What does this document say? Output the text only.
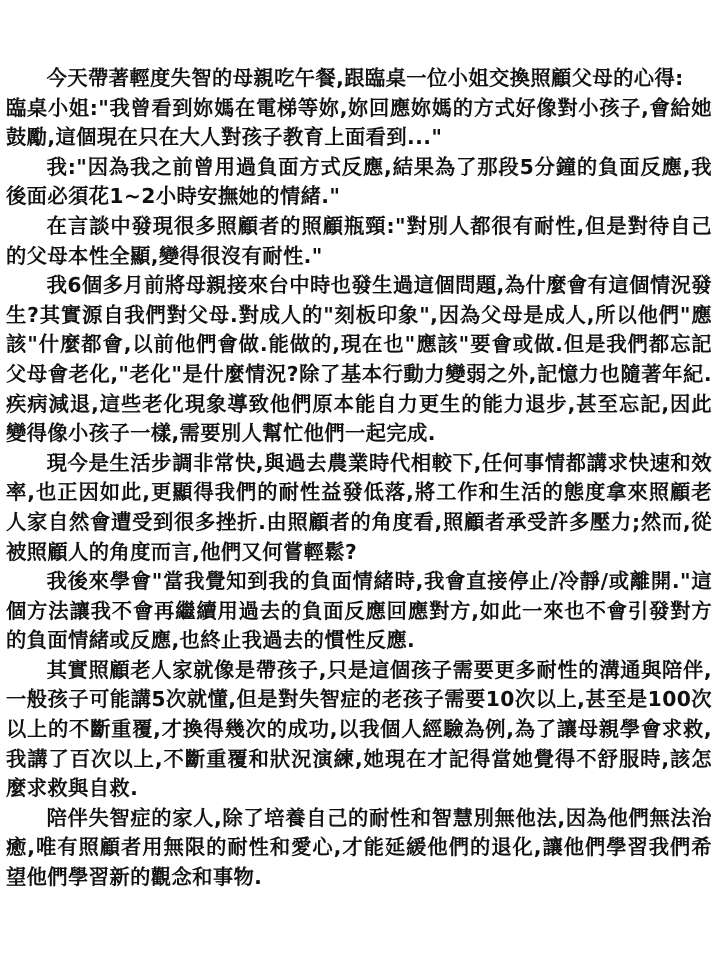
今天帶著輕度失智的母親吃午餐,跟臨桌一位小姐交換照顧父母的心得:

臨桌小姐:"我曾看到妳媽在電梯等妳,妳回應妳媽的方式好像對小孩子,會給她鼓勵,這個現在只在大人對孩子教育上面看到..."

我:"因為我之前曾用過負面方式反應,結果為了那段5分鐘的負面反應,我後面必須花1~2小時安撫她的情緒."

在言談中發現很多照顧者的照顧瓶頸:"對別人都很有耐性,但是對待自己的父母本性全顯,變得很沒有耐性."

我6個多月前將母親接來台中時也發生過這個問題,為什麼會有這個情況發生?其實源自我們對父母.對成人的"刻板印象",因為父母是成人,所以他們"應該"什麼都會,以前他們會做.能做的,現在也"應該"要會或做.但是我們都忘記父母會老化,"老化"是什麼情況?除了基本行動力變弱之外,記憶力也隨著年紀.疾病減退,這些老化現象導致他們原本能自力更生的能力退步,甚至忘記,因此變得像小孩子一樣,需要別人幫忙他們一起完成.

現今是生活步調非常快,與過去農業時代相較下,任何事情都講求快速和效率,也正因如此,更顯得我們的耐性益發低落,將工作和生活的態度拿來照顧老人家自然會遭受到很多挫折.由照顧者的角度看,照顧者承受許多壓力;然而,從被照顧人的角度而言,他們又何嘗輕鬆?

我後來學會"當我覺知到我的負面情緒時,我會直接停止/冷靜/或離開."這個方法讓我不會再繼續用過去的負面反應回應對方,如此一來也不會引發對方的負面情緒或反應,也終止我過去的慣性反應.

其實照顧老人家就像是帶孩子,只是這個孩子需要更多耐性的溝通與陪伴,一般孩子可能講5次就懂,但是對失智症的老孩子需要10次以上,甚至是100次以上的不斷重覆,才換得幾次的成功,以我個人經驗為例,為了讓母親學會求救,我講了百次以上,不斷重覆和狀況演練,她現在才記得當她覺得不舒服時,該怎麼求救與自救.

陪伴失智症的家人,除了培養自己的耐性和智慧別無他法,因為他們無法治癒,唯有照顧者用無限的耐性和愛心,才能延緩他們的退化,讓他們學習我們希望他們學習新的觀念和事物.
